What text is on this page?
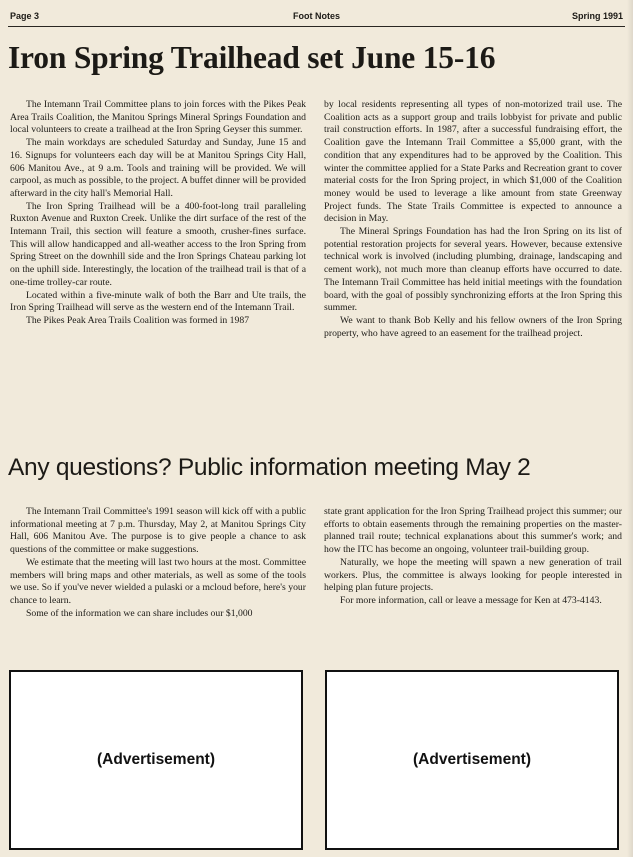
Page 3	Foot Notes	Spring 1991
Iron Spring Trailhead set June 15-16

The Intemann Trail Committee plans to join forces with the Pikes Peak Area Trails Coalition, the Manitou Springs Mineral Springs Foundation and local volunteers to create a trailhead at the Iron Spring Geyser this summer.

The main workdays are scheduled Saturday and Sunday, June 15 and 16. Signups for volunteers each day will be at Manitou Springs City Hall, 606 Manitou Ave., at 9 a.m. Tools and training will be provided. We will carpool, as much as possible, to the project. A buffet dinner will be provided afterward in the city hall's Memorial Hall.

The Iron Spring Trailhead will be a 400-foot-long trail paralleling Ruxton Avenue and Ruxton Creek. Unlike the dirt surface of the rest of the Intemann Trail, this section will feature a smooth, crusher-fines surface. This will allow handicapped and all-weather access to the Iron Spring from Spring Street on the downhill side and the Iron Springs Chateau parking lot on the uphill side. Interestingly, the location of the trailhead trail is that of a one-time trolley-car route.

Located within a five-minute walk of both the Barr and Ute trails, the Iron Spring Trailhead will serve as the western end of the Intemann Trail.

The Pikes Peak Area Trails Coalition was formed in 1987

by local residents representing all types of non-motorized trail use. The Coalition acts as a support group and trails lobbyist for private and public trail construction efforts. In 1987, after a successful fundraising effort, the Coalition gave the Intemann Trail Committee a $5,000 grant, with the condition that any expenditures had to be approved by the Coalition. This winter the committee applied for a State Parks and Recreation grant to cover material costs for the Iron Spring project, in which $1,000 of the Coalition money would be used to leverage a like amount from state Greenway Project funds. The State Trails Committee is expected to announce a decision in May.

The Mineral Springs Foundation has had the Iron Spring on its list of potential restoration projects for several years. However, because extensive technical work is involved (including plumbing, drainage, landscaping and cement work), not much more than cleanup efforts have occurred to date. The Intemann Trail Committee has held initial meetings with the foundation board, with the goal of possibly synchronizing efforts at the Iron Spring this summer.

We want to thank Bob Kelly and his fellow owners of the Iron Spring property, who have agreed to an easement for the trailhead project.

Any questions? Public information meeting May 2

The Intemann Trail Committee's 1991 season will kick off with a public informational meeting at 7 p.m. Thursday, May 2, at Manitou Springs City Hall, 606 Manitou Ave. The purpose is to give people a chance to ask questions of the committee or make suggestions.

We estimate that the meeting will last two hours at the most. Committee members will bring maps and other materials, as well as some of the tools we use. So if you've never wielded a pulaski or a mcloud before, here's your chance to learn.

Some of the information we can share includes our $1,000

state grant application for the Iron Spring Trailhead project this summer; our efforts to obtain easements through the remaining properties on the master-planned trail route; technical explanations about this summer's work; and how the ITC has become an ongoing, volunteer trail-building group.

Naturally, we hope the meeting will spawn a new generation of trail workers. Plus, the committee is always looking for people interested in helping plan future projects.

For more information, call or leave a message for Ken at 473-4143.

(Advertisement)	(Advertisement)
